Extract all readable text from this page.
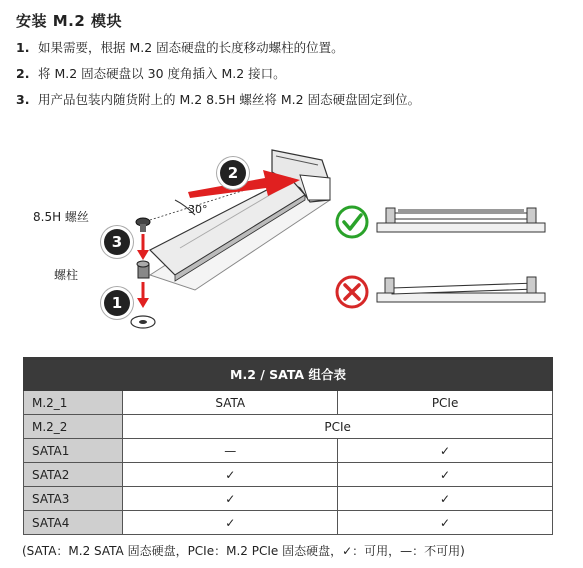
安装 M.2 模块
1. 如果需要，根据 M.2 固态硬盘的长度移动螺柱的位置。
2. 将 M.2 固态硬盘以 30 度角插入 M.2 接口。
3. 用产品包装内随货附上的 M.2 8.5H 螺丝将 M.2 固态硬盘固定到位。
8.5H 螺丝
螺柱
30°
1
2
3
M.2 / SATA 组合表		
M.2_1	SATA	PCIe
M.2_2	PCIe	
SATA1	—	✓
SATA2	✓	✓
SATA3	✓	✓
SATA4	✓	✓
(SATA：M.2 SATA 固态硬盘，PCIe：M.2 PCIe 固态硬盘，✓：可用，—：不可用)
